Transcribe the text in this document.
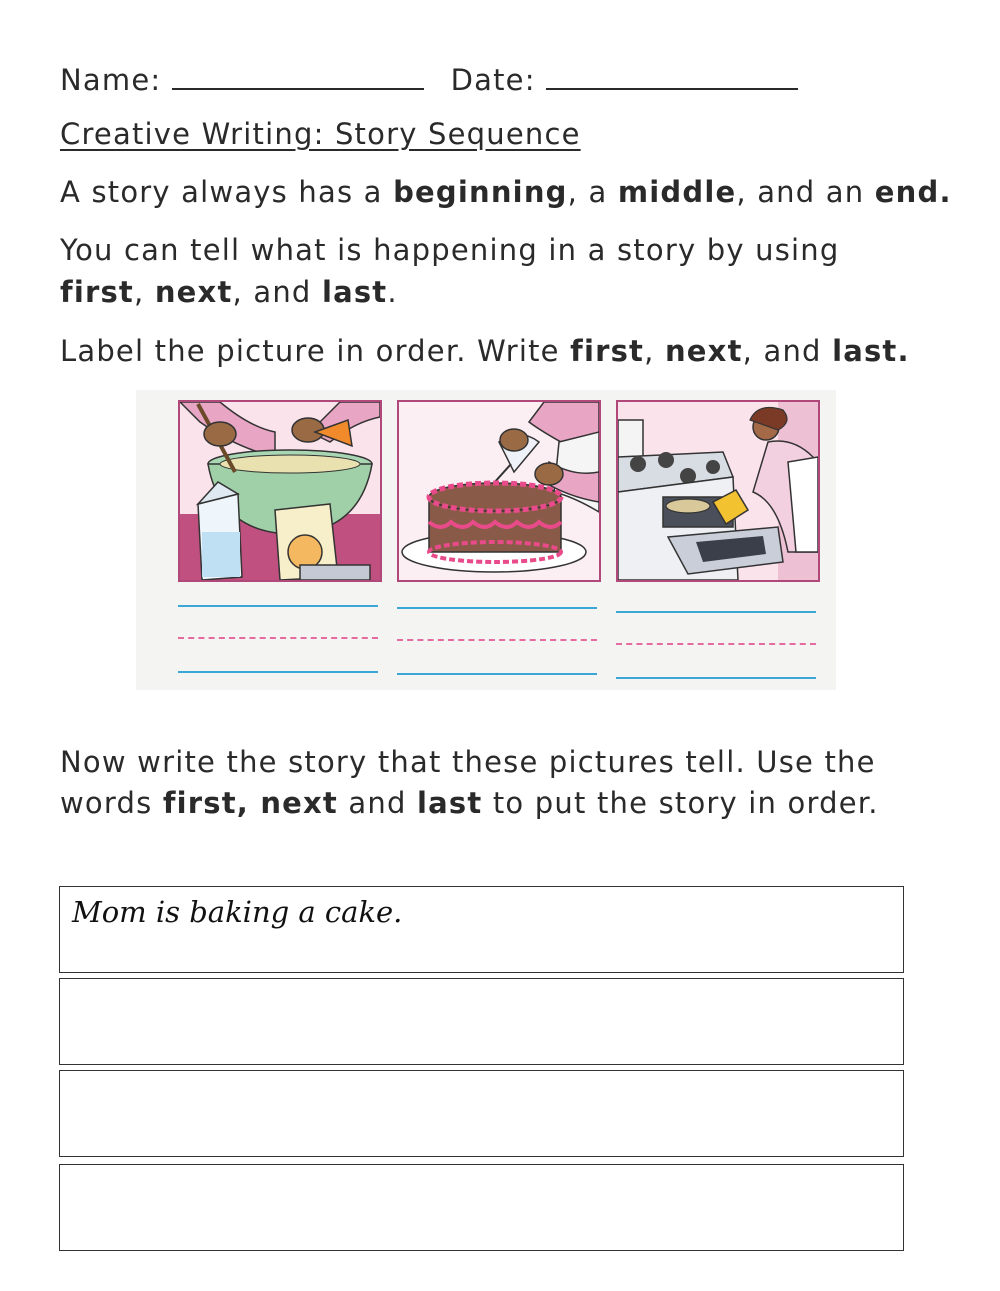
Name:	Date:
Creative Writing: Story Sequence
A story always has a beginning, a middle, and an end.
You can tell what is happening in a story by using
first, next, and last.
Label the picture in order. Write first, next, and last.
Now write the story that these pictures tell. Use the
words first, next and last to put the story in order.
Mom is baking a cake.
